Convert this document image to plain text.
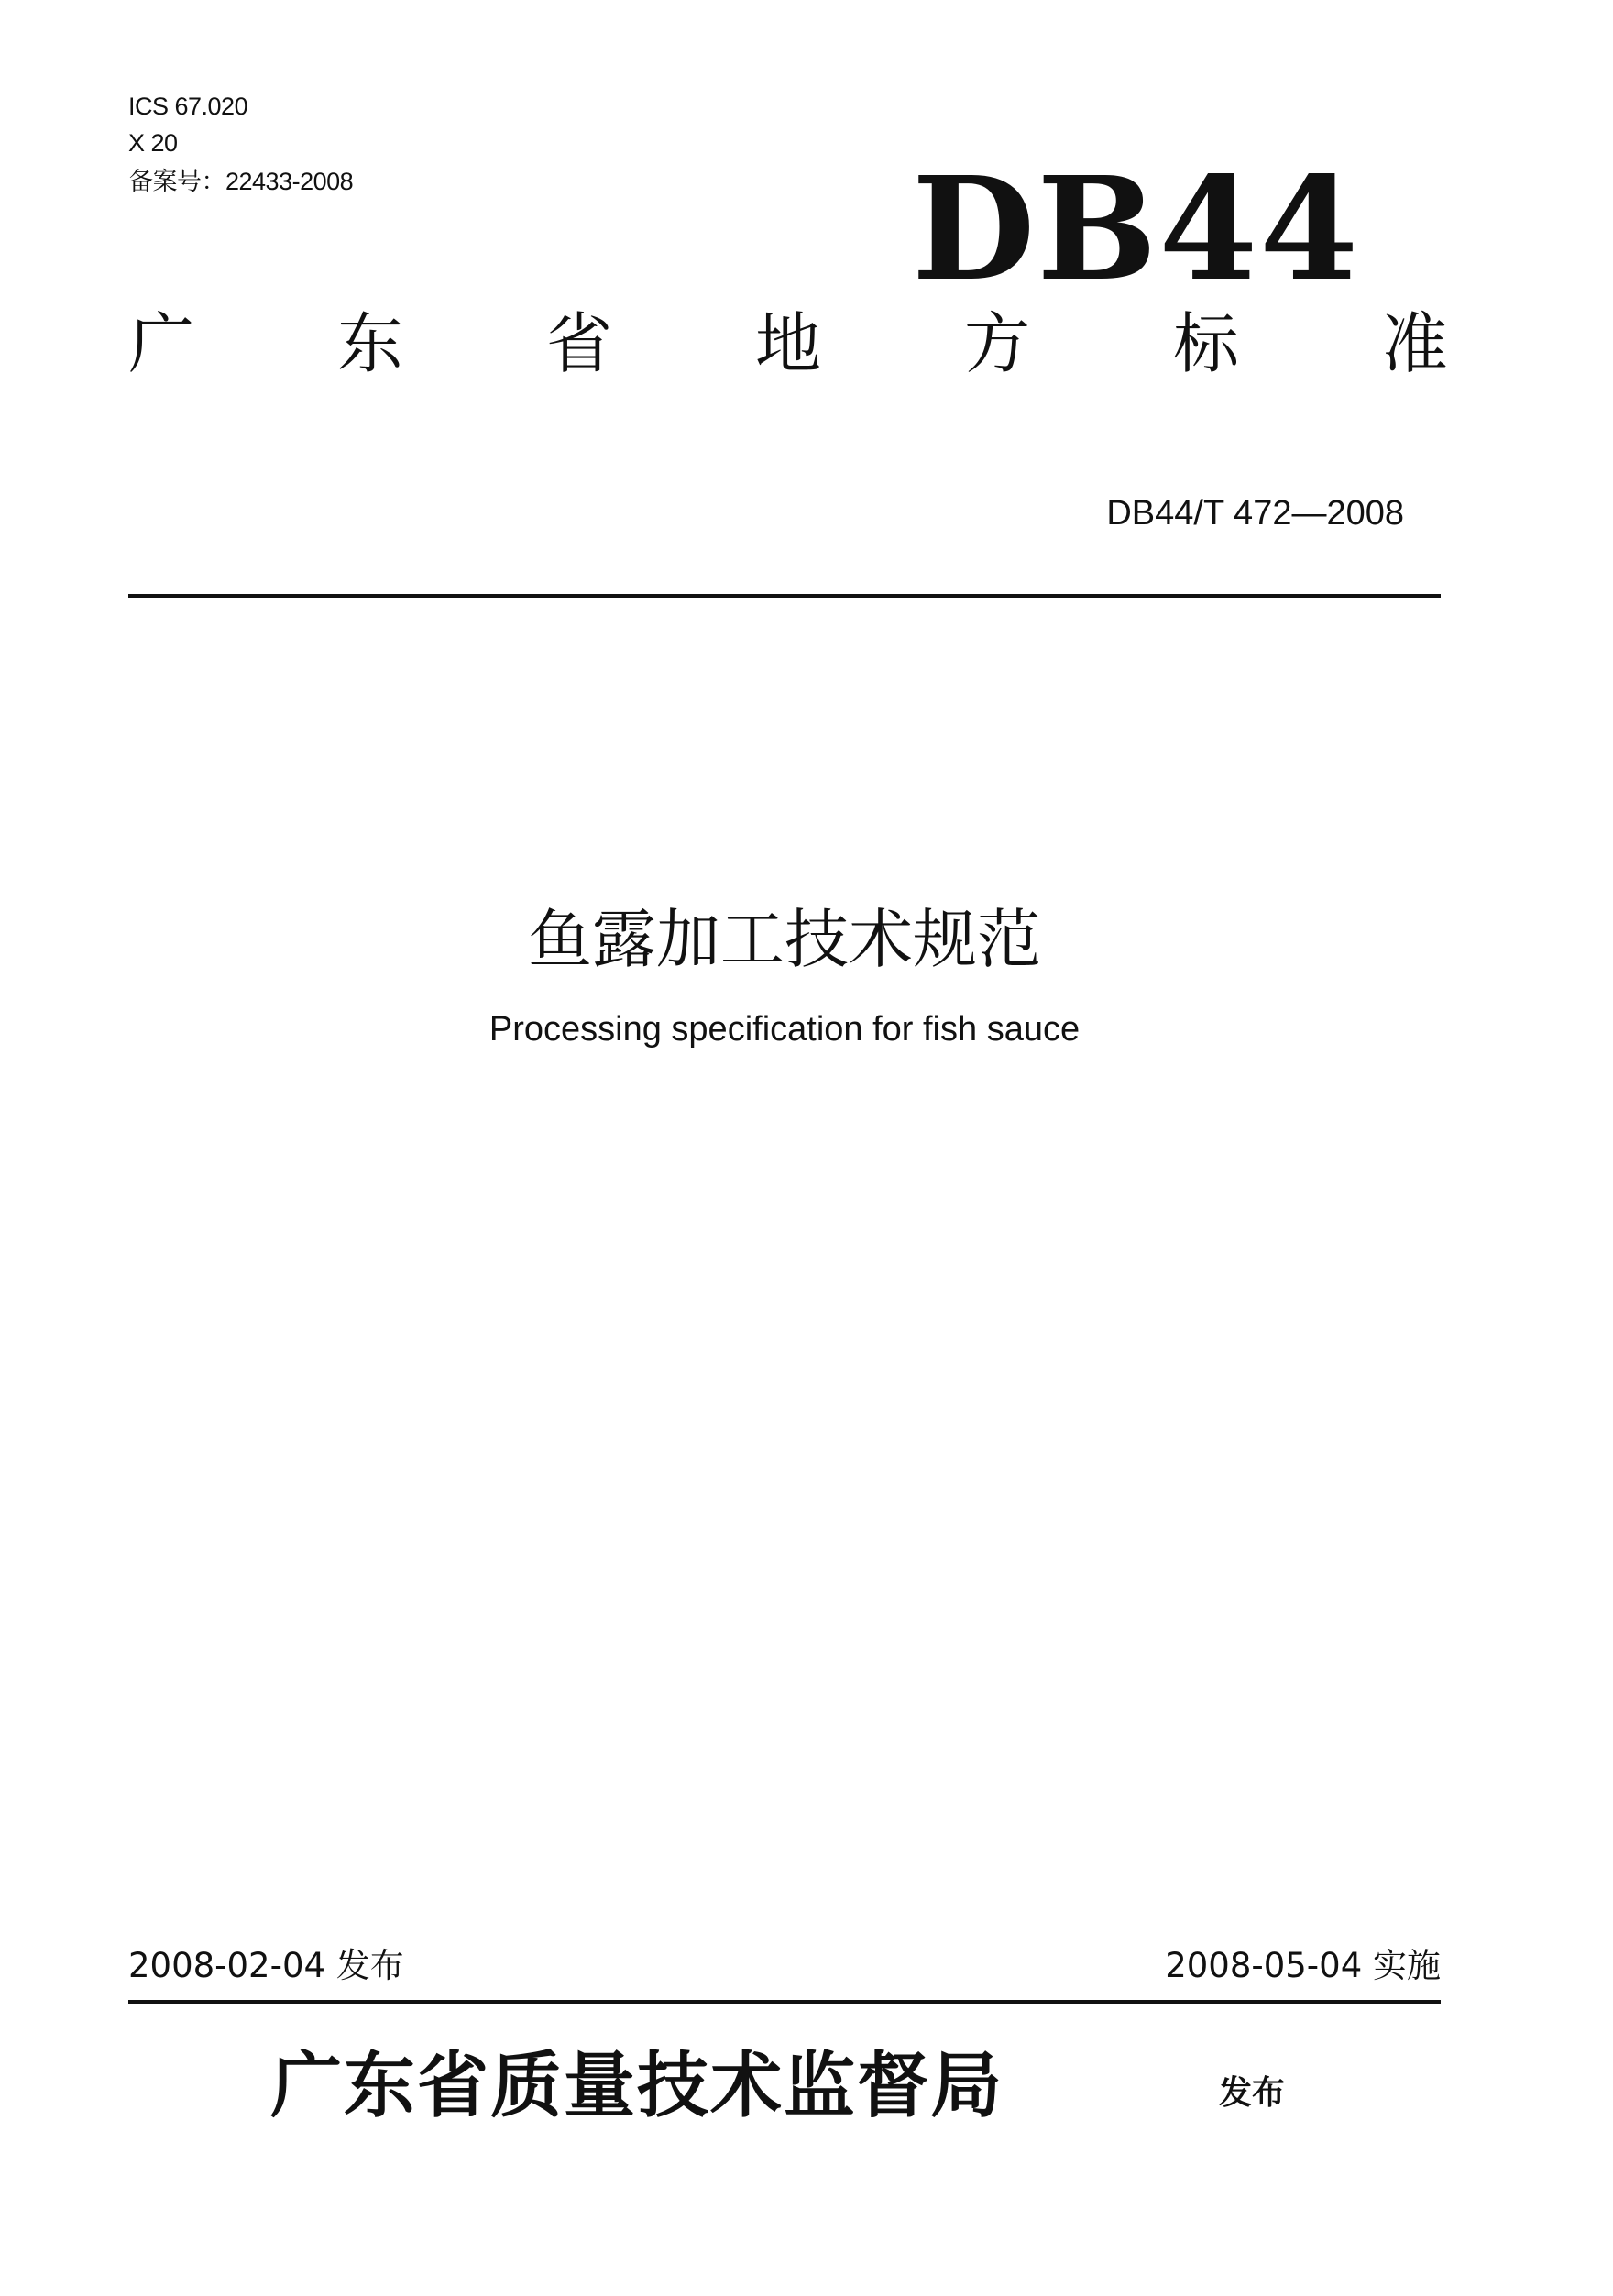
ICS 67.020
X 20
备案号：22433-2008	DB44
广 东 省 地 方 标 准
DB44/T 472—2008
鱼露加工技术规范
Processing specification for fish sauce
2008-02-04 发布	2008-05-04 实施
广东省质量技术监督局	发布
